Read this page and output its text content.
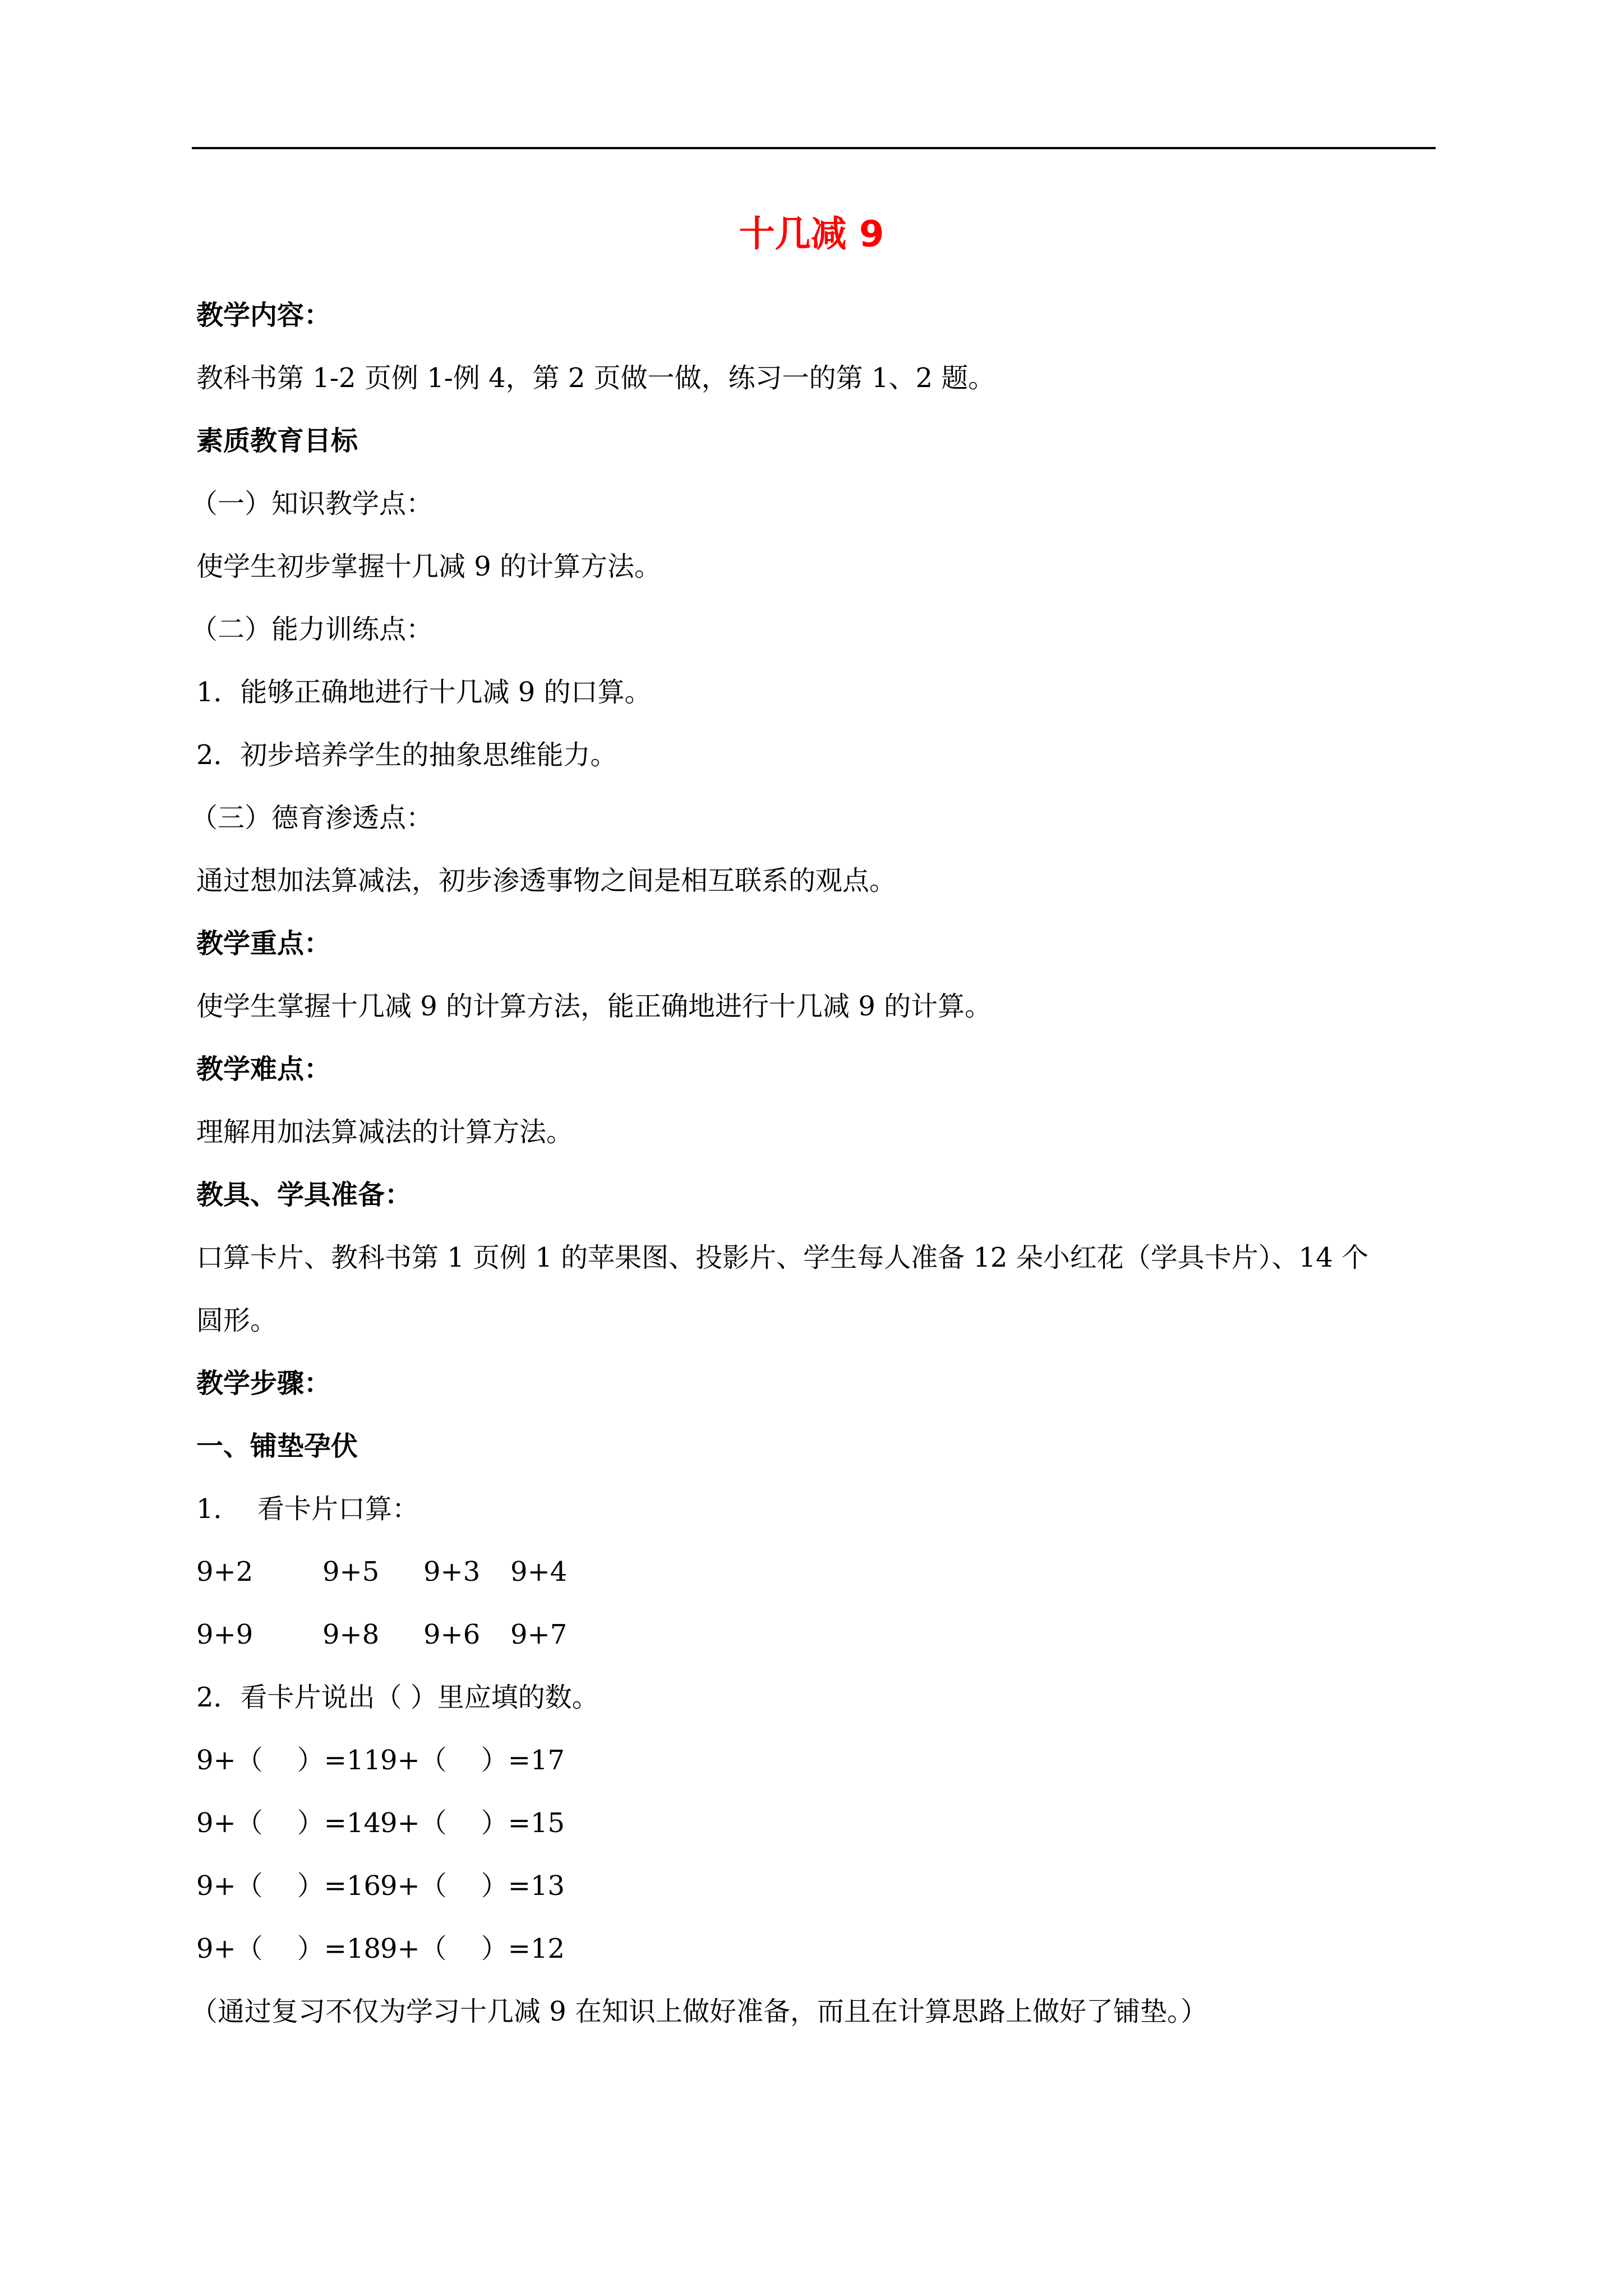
十几减 9
教学内容：
教科书第 1-2 页例 1-例 4，第 2 页做一做，练习一的第 1、2 题。
素质教育目标
（一）知识教学点：
使学生初步掌握十几减 9 的计算方法。
（二）能力训练点：
1．能够正确地进行十几减 9 的口算。
2．初步培养学生的抽象思维能力。
（三）德育渗透点：
通过想加法算减法，初步渗透事物之间是相互联系的观点。
教学重点：
使学生掌握十几减 9 的计算方法，能正确地进行十几减 9 的计算。
教学难点：
理解用加法算减法的计算方法。
教具、学具准备：
口算卡片、教科书第 1 页例 1 的苹果图、投影片、学生每人准备 12 朵小红花（学具卡片）、14 个
圆形。
教学步骤：
一、铺垫孕伏
1．  看卡片口算：
9+2	9+5 9+3 9+4
9+9	9+8 9+6 9+7
2．看卡片说出（ ）里应填的数。
9+（    ）=11
9+（    ）=17
9+（    ）=14
9+（    ）=15
9+（    ）=16
9+（    ）=13
9+（    ）=18
9+（    ）=12
（通过复习不仅为学习十几减 9 在知识上做好准备，而且在计算思路上做好了铺垫。）
